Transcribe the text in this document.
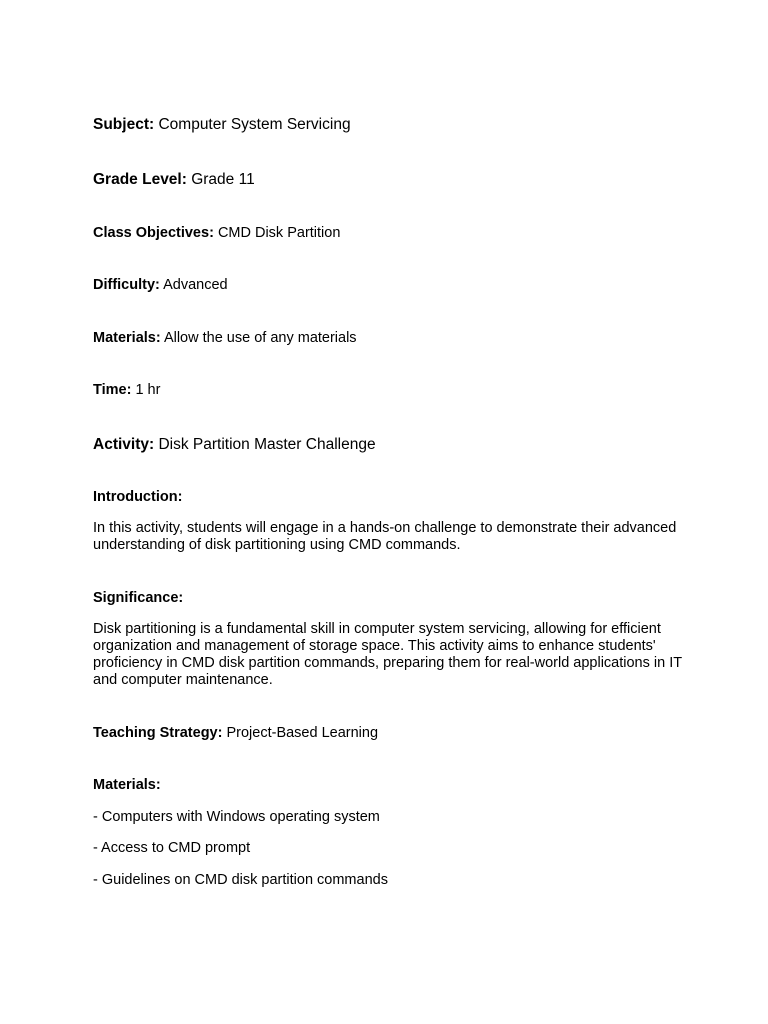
Subject: Computer System Servicing
Grade Level: Grade 11
Class Objectives: CMD Disk Partition
Difficulty: Advanced
Materials: Allow the use of any materials
Time: 1 hr
Activity: Disk Partition Master Challenge
Introduction:
In this activity, students will engage in a hands-on challenge to demonstrate their advanced understanding of disk partitioning using CMD commands.
Significance:
Disk partitioning is a fundamental skill in computer system servicing, allowing for efficient organization and management of storage space. This activity aims to enhance students' proficiency in CMD disk partition commands, preparing them for real-world applications in IT and computer maintenance.
Teaching Strategy: Project-Based Learning
Materials:
- Computers with Windows operating system
- Access to CMD prompt
- Guidelines on CMD disk partition commands
